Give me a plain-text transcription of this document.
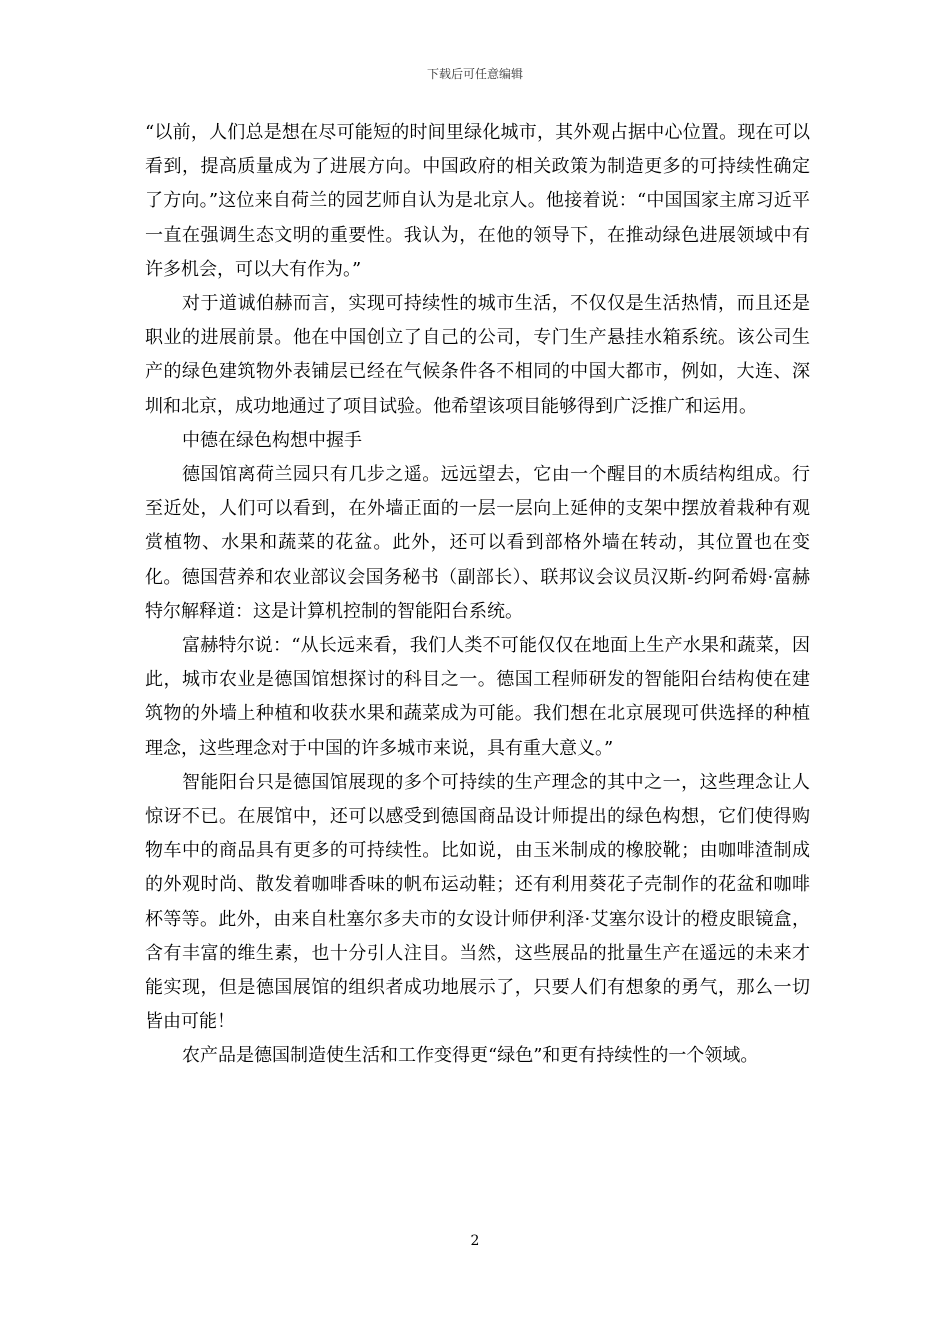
下载后可任意编辑

“以前，人们总是想在尽可能短的时间里绿化城市，其外观占据中心位置。现在可以看到，提高质量成为了进展方向。中国政府的相关政策为制造更多的可持续性确定了方向。”这位来自荷兰的园艺师自认为是北京人。他接着说：“中国国家主席习近平一直在强调生态文明的重要性。我认为，在他的领导下，在推动绿色进展领域中有许多机会，可以大有作为。”

对于道诚伯赫而言，实现可持续性的城市生活，不仅仅是生活热情，而且还是职业的进展前景。他在中国创立了自己的公司，专门生产悬挂水箱系统。该公司生产的绿色建筑物外表铺层已经在气候条件各不相同的中国大都市，例如，大连、深圳和北京，成功地通过了项目试验。他希望该项目能够得到广泛推广和运用。

中德在绿色构想中握手

德国馆离荷兰园只有几步之遥。远远望去，它由一个醒目的木质结构组成。行至近处，人们可以看到，在外墙正面的一层一层向上延伸的支架中摆放着栽种有观赏植物、水果和蔬菜的花盆。此外，还可以看到部格外墙在转动，其位置也在变化。德国营养和农业部议会国务秘书（副部长）、联邦议会议员汉斯-约阿希姆·富赫特尔解释道：这是计算机控制的智能阳台系统。

富赫特尔说：“从长远来看，我们人类不可能仅仅在地面上生产水果和蔬菜，因此，城市农业是德国馆想探讨的科目之一。德国工程师研发的智能阳台结构使在建筑物的外墙上种植和收获水果和蔬菜成为可能。我们想在北京展现可供选择的种植理念，这些理念对于中国的许多城市来说，具有重大意义。”

智能阳台只是德国馆展现的多个可持续的生产理念的其中之一，这些理念让人惊讶不已。在展馆中，还可以感受到德国商品设计师提出的绿色构想，它们使得购物车中的商品具有更多的可持续性。比如说，由玉米制成的橡胶靴；由咖啡渣制成的外观时尚、散发着咖啡香味的帆布运动鞋；还有利用葵花子壳制作的花盆和咖啡杯等等。此外，由来自杜塞尔多夫市的女设计师伊利泽·艾塞尔设计的橙皮眼镜盒，含有丰富的维生素，也十分引人注目。当然，这些展品的批量生产在遥远的未来才能实现，但是德国展馆的组织者成功地展示了，只要人们有想象的勇气，那么一切皆由可能！

农产品是德国制造使生活和工作变得更“绿色”和更有持续性的一个领域。

2
